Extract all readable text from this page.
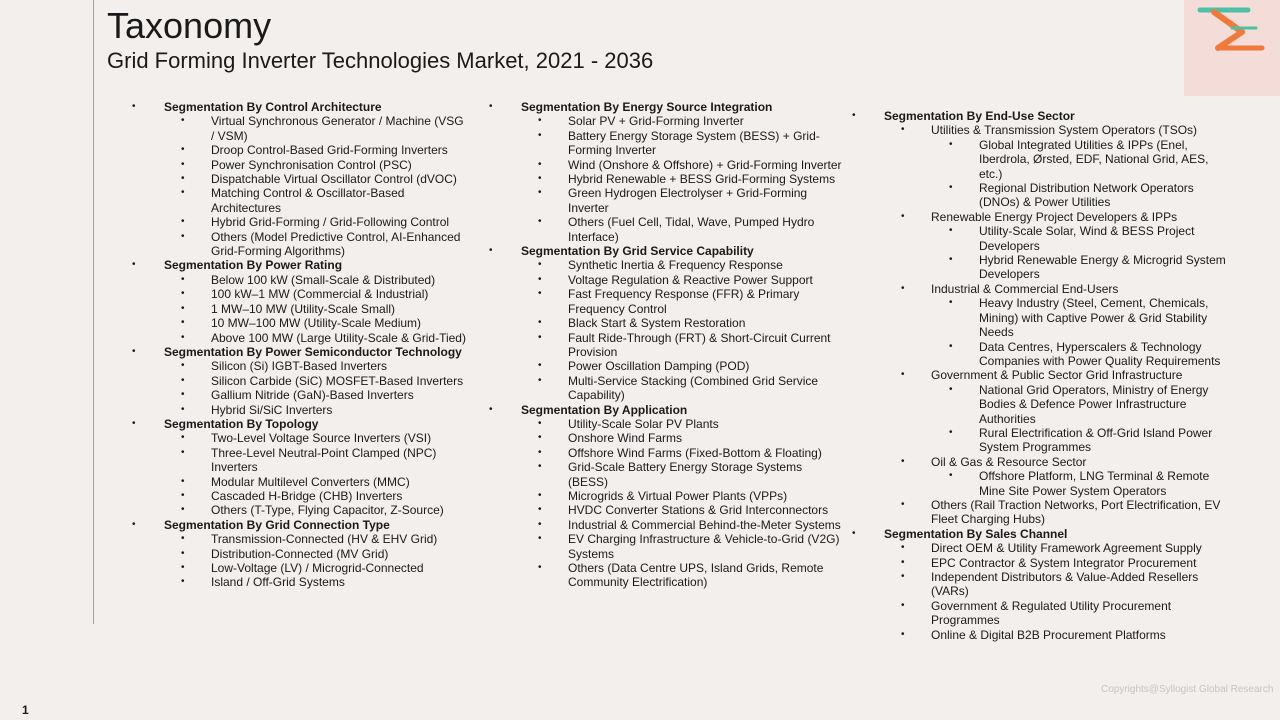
Taxonomy
Grid Forming Inverter Technologies Market, 2021 - 2036
• Segmentation By Control Architecture
• Virtual Synchronous Generator / Machine (VSG / VSM)
• Droop Control-Based Grid-Forming Inverters
• Power Synchronisation Control (PSC)
• Dispatchable Virtual Oscillator Control (dVOC)
• Matching Control & Oscillator-Based Architectures
• Hybrid Grid-Forming / Grid-Following Control
• Others (Model Predictive Control, AI-Enhanced Grid-Forming Algorithms)
• Segmentation By Power Rating
• Below 100 kW (Small-Scale & Distributed)
• 100 kW–1 MW (Commercial & Industrial)
• 1 MW–10 MW (Utility-Scale Small)
• 10 MW–100 MW (Utility-Scale Medium)
• Above 100 MW (Large Utility-Scale & Grid-Tied)
• Segmentation By Power Semiconductor Technology
• Silicon (Si) IGBT-Based Inverters
• Silicon Carbide (SiC) MOSFET-Based Inverters
• Gallium Nitride (GaN)-Based Inverters
• Hybrid Si/SiC Inverters
• Segmentation By Topology
• Two-Level Voltage Source Inverters (VSI)
• Three-Level Neutral-Point Clamped (NPC) Inverters
• Modular Multilevel Converters (MMC)
• Cascaded H-Bridge (CHB) Inverters
• Others (T-Type, Flying Capacitor, Z-Source)
• Segmentation By Grid Connection Type
• Transmission-Connected (HV & EHV Grid)
• Distribution-Connected (MV Grid)
• Low-Voltage (LV) / Microgrid-Connected
• Island / Off-Grid Systems
• Segmentation By Energy Source Integration
• Solar PV + Grid-Forming Inverter
• Battery Energy Storage System (BESS) + Grid-Forming Inverter
• Wind (Onshore & Offshore) + Grid-Forming Inverter
• Hybrid Renewable + BESS Grid-Forming Systems
• Green Hydrogen Electrolyser + Grid-Forming Inverter
• Others (Fuel Cell, Tidal, Wave, Pumped Hydro Interface)
• Segmentation By Grid Service Capability
• Synthetic Inertia & Frequency Response
• Voltage Regulation & Reactive Power Support
• Fast Frequency Response (FFR) & Primary Frequency Control
• Black Start & System Restoration
• Fault Ride-Through (FRT) & Short-Circuit Current Provision
• Power Oscillation Damping (POD)
• Multi-Service Stacking (Combined Grid Service Capability)
• Segmentation By Application
• Utility-Scale Solar PV Plants
• Onshore Wind Farms
• Offshore Wind Farms (Fixed-Bottom & Floating)
• Grid-Scale Battery Energy Storage Systems (BESS)
• Microgrids & Virtual Power Plants (VPPs)
• HVDC Converter Stations & Grid Interconnectors
• Industrial & Commercial Behind-the-Meter Systems
• EV Charging Infrastructure & Vehicle-to-Grid (V2G) Systems
• Others (Data Centre UPS, Island Grids, Remote Community Electrification)
• Segmentation By End-Use Sector
• Utilities & Transmission System Operators (TSOs)
• Global Integrated Utilities & IPPs (Enel, Iberdrola, Ørsted, EDF, National Grid, AES, etc.)
• Regional Distribution Network Operators (DNOs) & Power Utilities
• Renewable Energy Project Developers & IPPs
• Utility-Scale Solar, Wind & BESS Project Developers
• Hybrid Renewable Energy & Microgrid System Developers
• Industrial & Commercial End-Users
• Heavy Industry (Steel, Cement, Chemicals, Mining) with Captive Power & Grid Stability Needs
• Data Centres, Hyperscalers & Technology Companies with Power Quality Requirements
• Government & Public Sector Grid Infrastructure
• National Grid Operators, Ministry of Energy Bodies & Defence Power Infrastructure Authorities
• Rural Electrification & Off-Grid Island Power System Programmes
• Oil & Gas & Resource Sector
• Offshore Platform, LNG Terminal & Remote Mine Site Power System Operators
• Others (Rail Traction Networks, Port Electrification, EV Fleet Charging Hubs)
• Segmentation By Sales Channel
• Direct OEM & Utility Framework Agreement Supply
• EPC Contractor & System Integrator Procurement
• Independent Distributors & Value-Added Resellers (VARs)
• Government & Regulated Utility Procurement Programmes
• Online & Digital B2B Procurement Platforms
1
Copyrights@Syllogist Global Research
